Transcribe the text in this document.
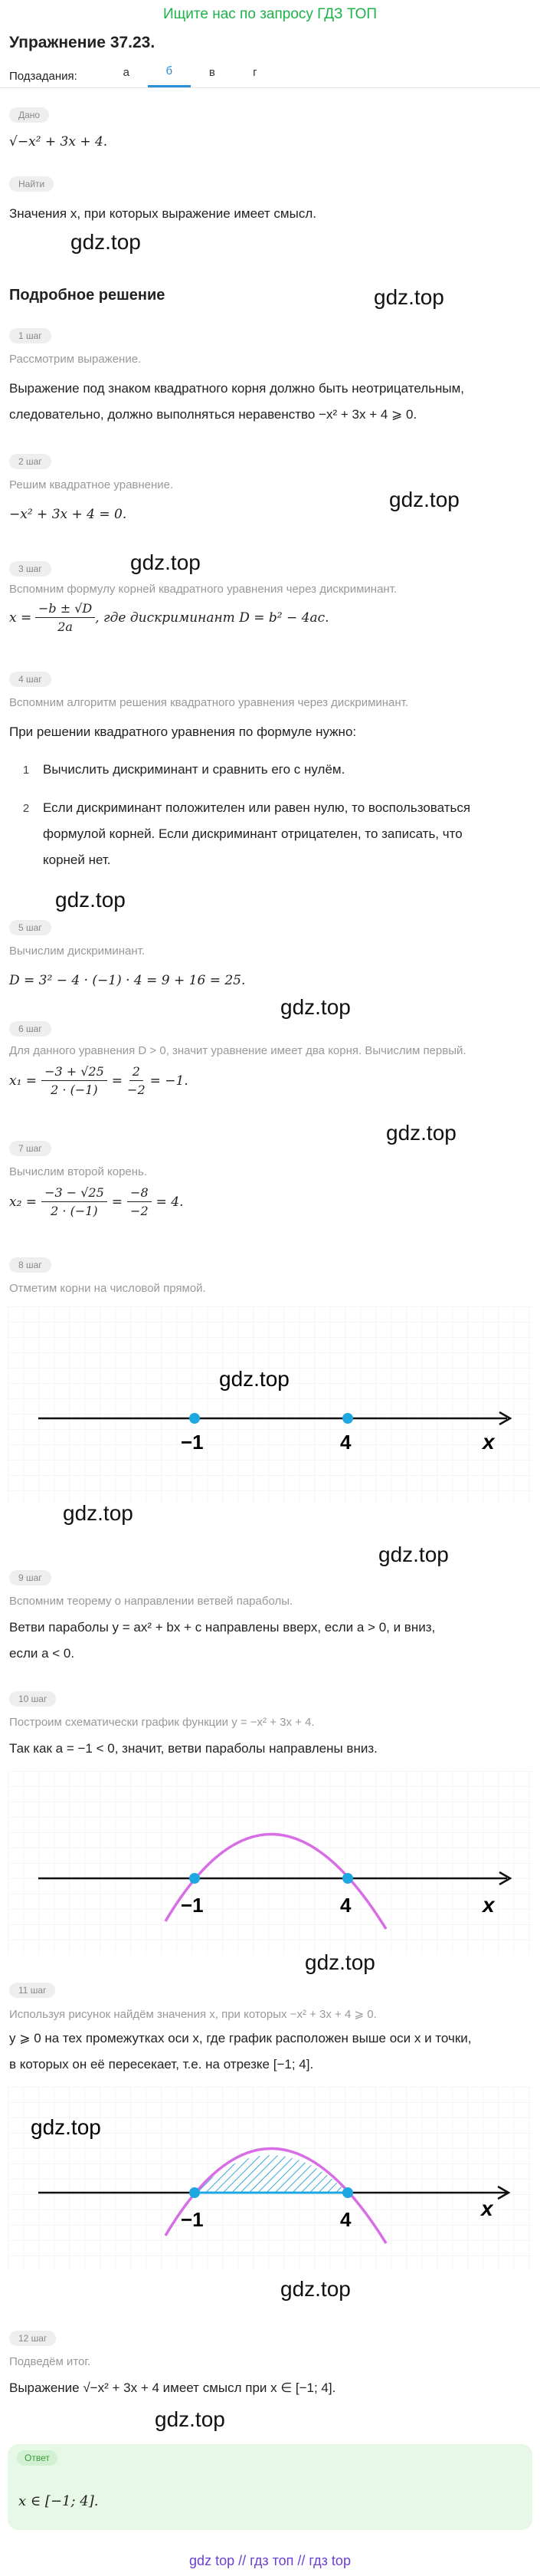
Ищите нас по запросу ГДЗ ТОП
Упражнение 37.23.
Подзадания:	а	б	в	г
Дано
√−x² + 3x + 4.
Найти
Значения x, при которых выражение имеет смысл.
gdz.top
gdz.top
Подробное решение
1 шаг
Рассмотрим выражение.
Выражение под знаком квадратного корня должно быть неотрицательным,
следовательно, должно выполняться неравенство −x² + 3x + 4 ⩾ 0.
gdz.top
2 шаг
Решим квадратное уравнение.
−x² + 3x + 4 = 0.
gdz.top
3 шаг
Вспомним формулу корней квадратного уравнения через дискриминант.
x =
$\frac{-b \pm √D}{2a}$ , где дискриминант D = b² − 4ac.
4 шаг
Вспомним алгоритм решения квадратного уравнения через дискриминант.
При решении квадратного уравнения по формуле нужно:
1 Вычислить дискриминант и сравнить его с нулём.
2 Если дискриминант положителен или равен нулю, то воспользоваться
формулой корней. Если дискриминант отрицателен, то записать, что
корней нет.
gdz.top
5 шаг
Вычислим дискриминант.
D = 3² − 4 · (−1) · 4 = 9 + 16 = 25.
gdz.top
6 шаг
Для данного уравнения D > 0, значит уравнение имеет два корня. Вычислим первый.
$x_1 = \frac{-3 + √25}{2 \cdot (-1)} = \frac{2}{-2} = -1$.
gdz.top
7 шаг
Вычислим второй корень.
$x_2 = \frac{-3 - √25}{2 \cdot (-1)} = \frac{-8}{-2} = 4$.
8 шаг
Отметим корни на числовой прямой.
−1	4	x
gdz.top
gdz.top
gdz.top
9 шаг
Вспомним теорему о направлении ветвей параболы.
Ветви параболы y = ax² + bx + c направлены вверх, если a > 0, и вниз,
если a < 0.
10 шаг
Построим схематически график функции y = −x² + 3x + 4.
Так как a = −1 < 0, значит, ветви параболы направлены вниз.
−1	4	x
gdz.top
11 шаг
Используя рисунок найдём значения x, при которых −x² + 3x + 4 ⩾ 0.
y ⩾ 0 на тех промежутках оси x, где график расположен выше оси x и точки,
в которых он её пересекает, т.е. на отрезке [−1; 4].
−1	4	x
gdz.top
gdz.top
12 шаг
Подведём итог.
Выражение √−x² + 3x + 4 имеет смысл при x ∈ [−1; 4].
Ответ
x ∈ [−1; 4].
gdz.top
gdz top // гдз топ // гдз top
